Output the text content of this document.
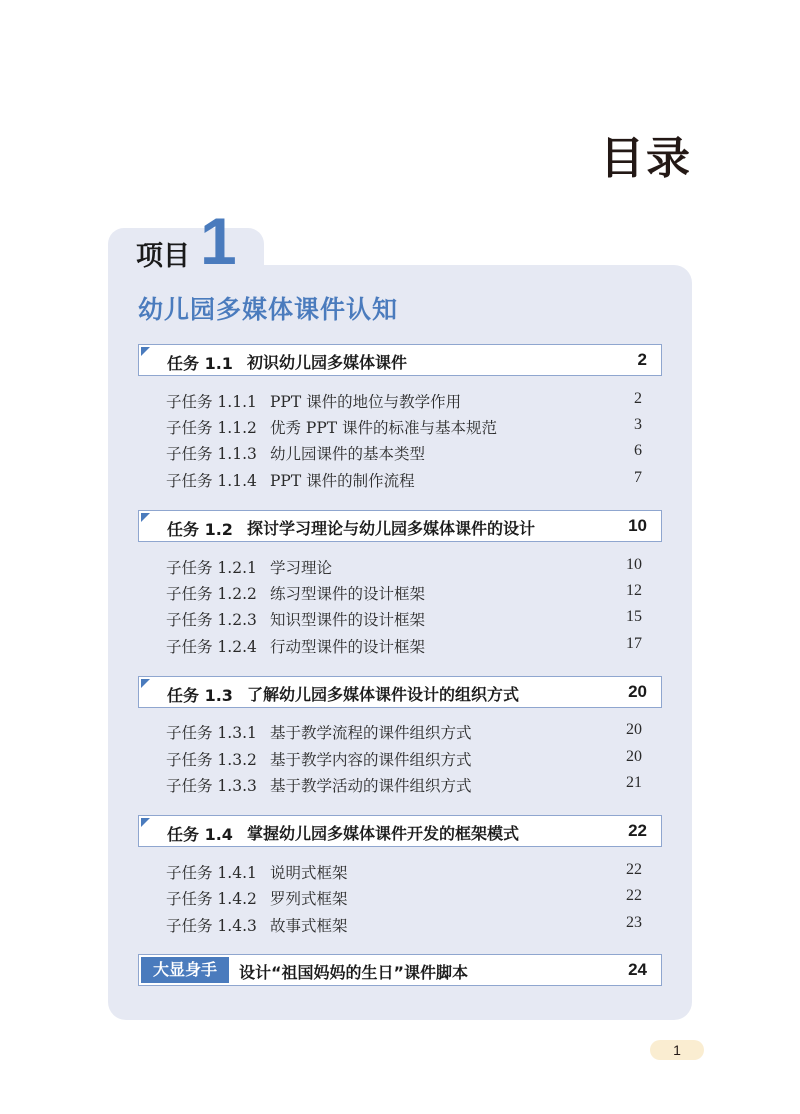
目录
项目 1
幼儿园多媒体课件认知
任务 1.1 初识幼儿园多媒体课件	2
子任务 1.1.1 PPT 课件的地位与教学作用	2
子任务 1.1.2 优秀 PPT 课件的标准与基本规范	3
子任务 1.1.3 幼儿园课件的基本类型	6
子任务 1.1.4 PPT 课件的制作流程	7
任务 1.2 探讨学习理论与幼儿园多媒体课件的设计	10
子任务 1.2.1 学习理论	10
子任务 1.2.2 练习型课件的设计框架	12
子任务 1.2.3 知识型课件的设计框架	15
子任务 1.2.4 行动型课件的设计框架	17
任务 1.3 了解幼儿园多媒体课件设计的组织方式	20
子任务 1.3.1 基于教学流程的课件组织方式	20
子任务 1.3.2 基于教学内容的课件组织方式	20
子任务 1.3.3 基于教学活动的课件组织方式	21
任务 1.4 掌握幼儿园多媒体课件开发的框架模式	22
子任务 1.4.1 说明式框架	22
子任务 1.4.2 罗列式框架	22
子任务 1.4.3 故事式框架	23
大显身手	设计“祖国妈妈的生日”课件脚本	24
1
